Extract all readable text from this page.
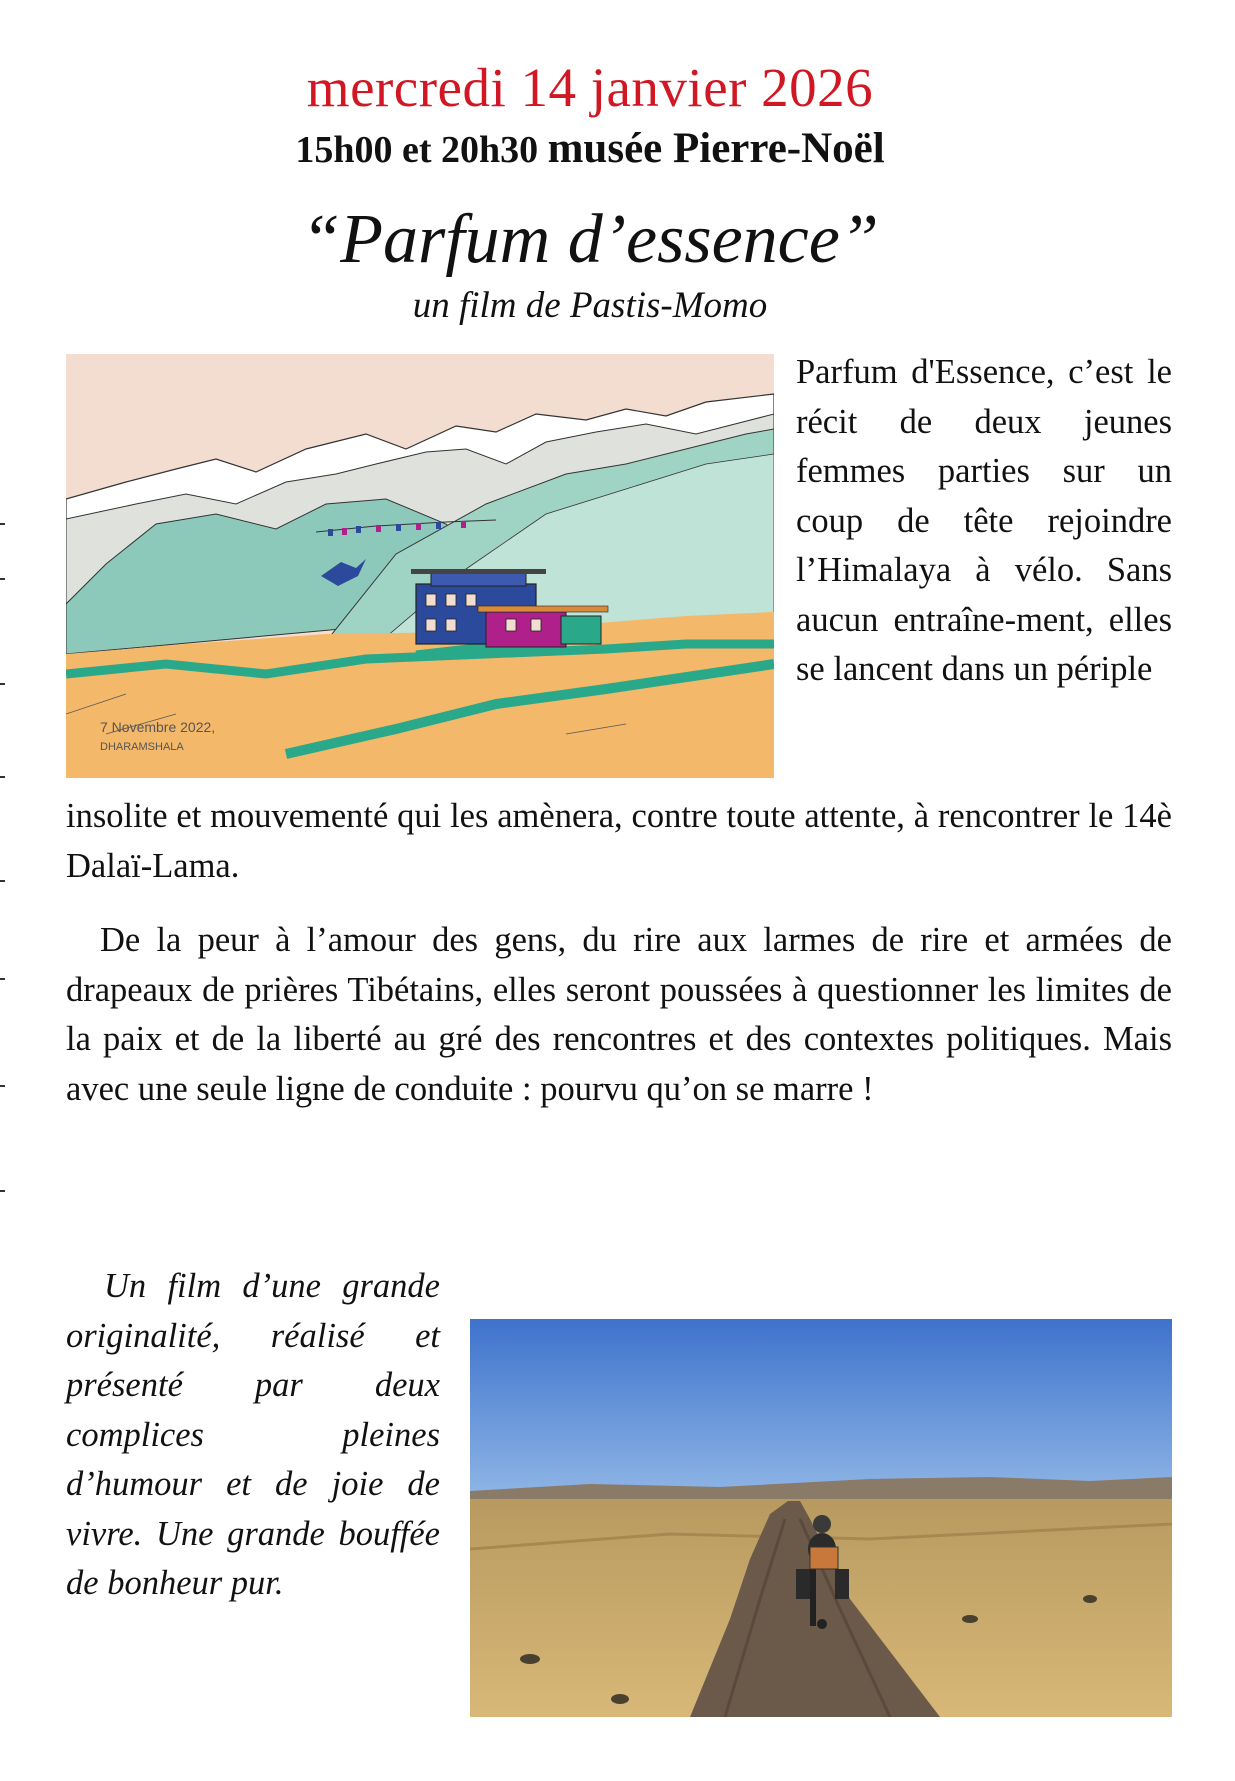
mercredi 14 janvier 2026
15h00 et 20h30 musée Pierre-Noël
“Parfum d’essence”
un film de Pastis-Momo
7 Novembre 2022,
DHARAMSHALA
Parfum d'Essence, c’est le récit de deux jeunes femmes parties sur un coup de tête rejoindre l’Himalaya à vélo. Sans aucun entraîne-ment, elles se lancent dans un périple
insolite et mouvementé qui les amènera, contre toute attente, à rencontrer le 14è Dalaï-Lama.
De la peur à l’amour des gens, du rire aux larmes de rire et armées de drapeaux de prières Tibétains, elles seront poussées à questionner les limites de la paix et de la liberté au gré des rencontres et des contextes politiques. Mais avec une seule ligne de conduite : pourvu qu’on se marre !
Un film d’une grande originalité, réalisé et présenté par deux complices pleines d’humour et de joie de vivre. Une grande bouffée de bonheur pur.
